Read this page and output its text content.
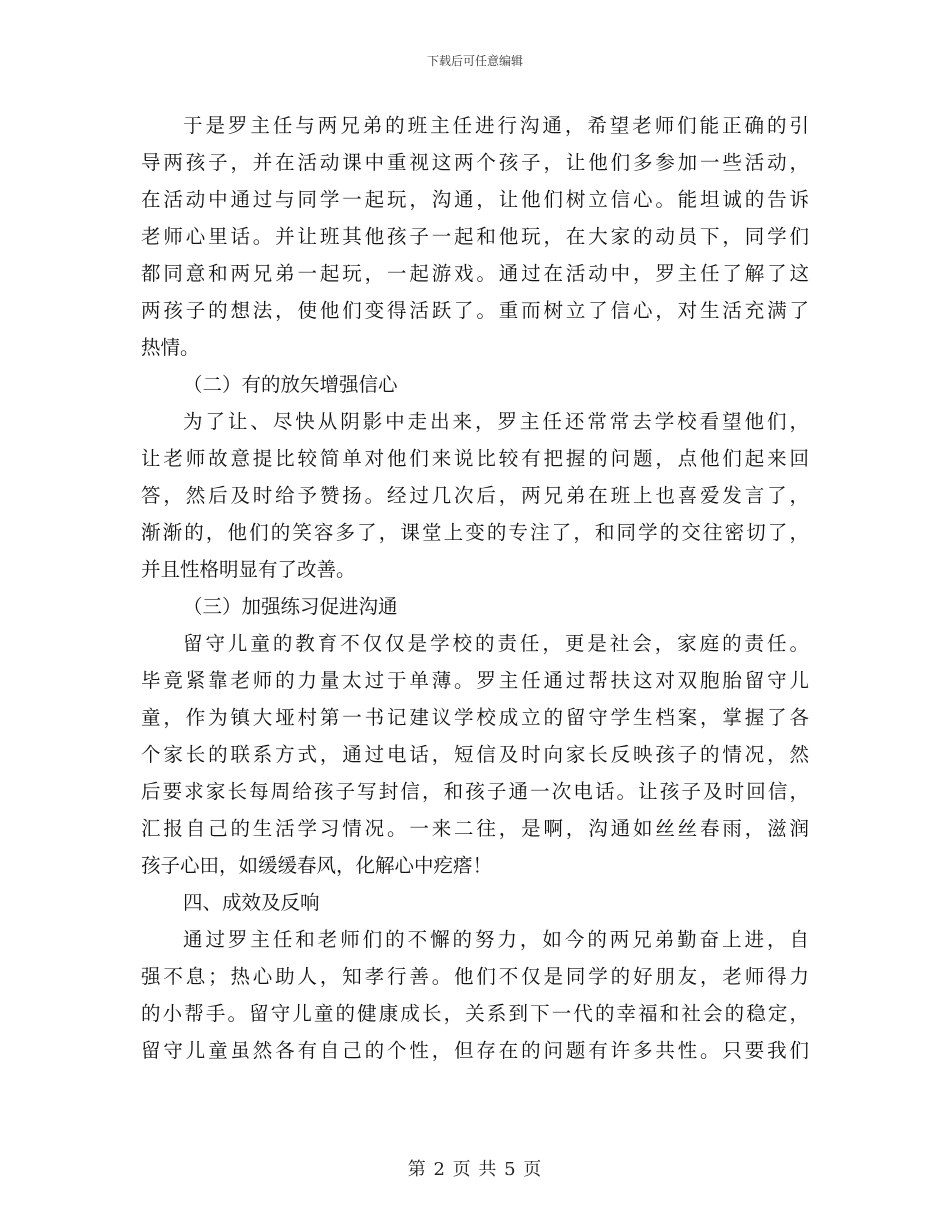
下载后可任意编辑
于是罗主任与两兄弟的班主任进行沟通，希望老师们能正确的引
导两孩子，并在活动课中重视这两个孩子，让他们多参加一些活动，
在活动中通过与同学一起玩，沟通，让他们树立信心。能坦诚的告诉
老师心里话。并让班其他孩子一起和他玩，在大家的动员下，同学们
都同意和两兄弟一起玩，一起游戏。通过在活动中，罗主任了解了这
两孩子的想法，使他们变得活跃了。重而树立了信心，对生活充满了
热情。
（二）有的放矢增强信心
为了让、尽快从阴影中走出来，罗主任还常常去学校看望他们，
让老师故意提比较简单对他们来说比较有把握的问题，点他们起来回
答，然后及时给予赞扬。经过几次后，两兄弟在班上也喜爱发言了，
渐渐的，他们的笑容多了，课堂上变的专注了，和同学的交往密切了，
并且性格明显有了改善。
（三）加强练习促进沟通
留守儿童的教育不仅仅是学校的责任，更是社会，家庭的责任。
毕竟紧靠老师的力量太过于单薄。罗主任通过帮扶这对双胞胎留守儿
童，作为镇大垭村第一书记建议学校成立的留守学生档案，掌握了各
个家长的联系方式，通过电话，短信及时向家长反映孩子的情况，然
后要求家长每周给孩子写封信，和孩子通一次电话。让孩子及时回信，
汇报自己的生活学习情况。一来二往，是啊，沟通如丝丝春雨，滋润
孩子心田，如缓缓春风，化解心中疙瘩！
四、成效及反响
通过罗主任和老师们的不懈的努力，如今的两兄弟勤奋上进，自
强不息；热心助人，知孝行善。他们不仅是同学的好朋友，老师得力
的小帮手。留守儿童的健康成长，关系到下一代的幸福和社会的稳定，
留守儿童虽然各有自己的个性，但存在的问题有许多共性。只要我们
第 2 页 共 5 页
